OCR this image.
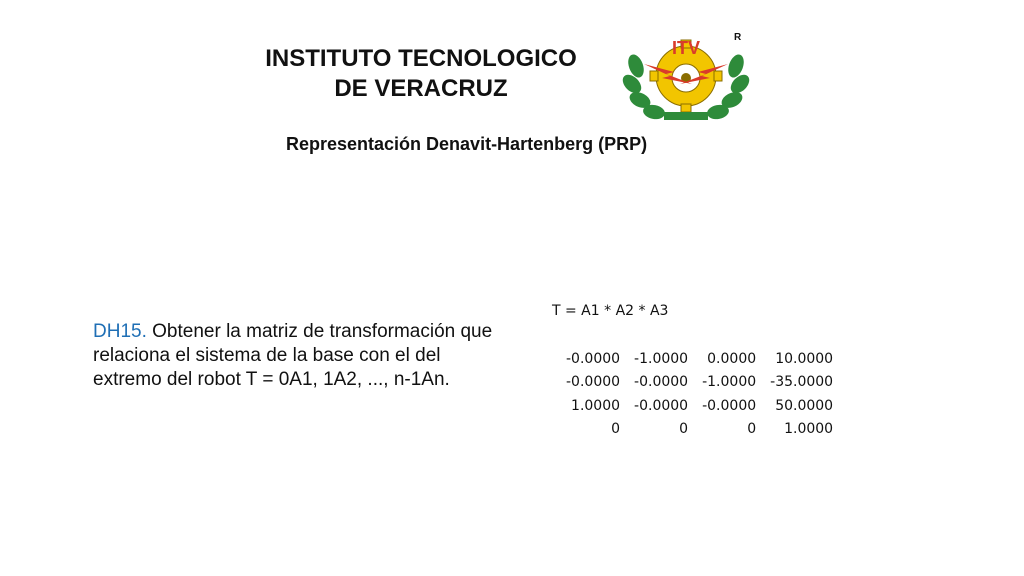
INSTITUTO TECNOLOGICO
DE VERACRUZ
ITV
R
Representación Denavit-Hartenberg (PRP)
DH15. Obtener la matriz de transformación que relaciona el sistema de la base con el del extremo del robot T = 0A1, 1A2, ..., n-1An.
T = A1 * A2 * A3
-0.0000	-1.0000	0.0000	10.0000
-0.0000	-0.0000	-1.0000	-35.0000
1.0000	-0.0000	-0.0000	50.0000
0	0	0	1.0000
